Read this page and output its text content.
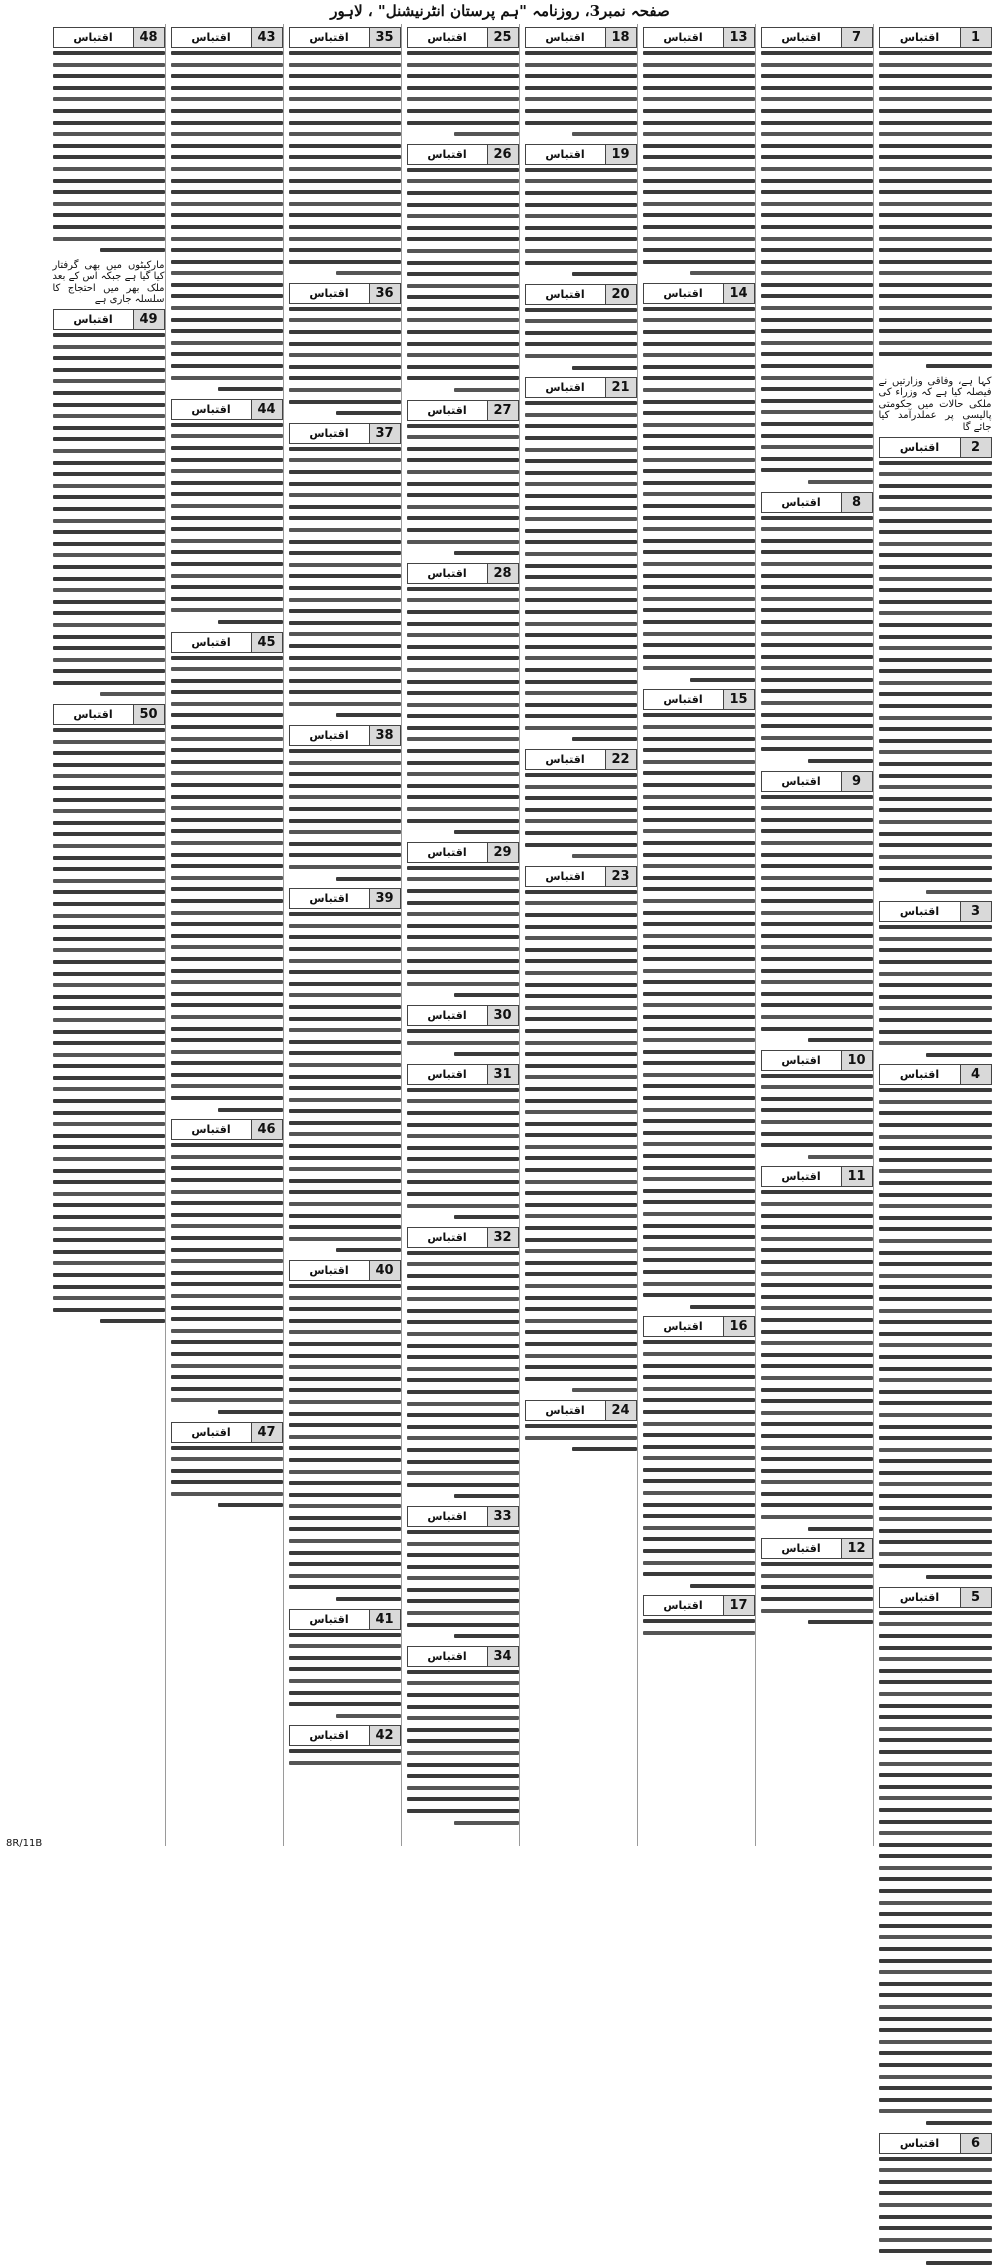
صفحہ نمبر3، روزنامہ "ہم پرستان انٹرنیشنل" ، لاہور
1
اقتباس
کہا ہے، وفاقی وزارتیں نے فیصلہ کیا ہے کہ وزراء کی ملکی حالات میں حکومتی پالیسی پر عملدرآمد کیا جائے گا
2
اقتباس
3
اقتباس
4
اقتباس
5
اقتباس
6
اقتباس
7
اقتباس
8
اقتباس
9
اقتباس
10
اقتباس
11
اقتباس
12
اقتباس
13
اقتباس
14
اقتباس
15
اقتباس
16
اقتباس
17
اقتباس
18
اقتباس
19
اقتباس
20
اقتباس
21
اقتباس
22
اقتباس
23
اقتباس
24
اقتباس
25
اقتباس
26
اقتباس
27
اقتباس
28
اقتباس
29
اقتباس
30
اقتباس
31
اقتباس
32
اقتباس
33
اقتباس
34
اقتباس
35
اقتباس
36
اقتباس
37
اقتباس
38
اقتباس
39
اقتباس
40
اقتباس
41
اقتباس
42
اقتباس
43
اقتباس
44
اقتباس
45
اقتباس
46
اقتباس
47
اقتباس
48
اقتباس
مارکیٹوں میں بھی گرفتار کیا گیا ہے جبکہ اس کے بعد ملک بھر میں احتجاج کا سلسلہ جاری ہے
49
اقتباس
50
اقتباس
8R/11B
